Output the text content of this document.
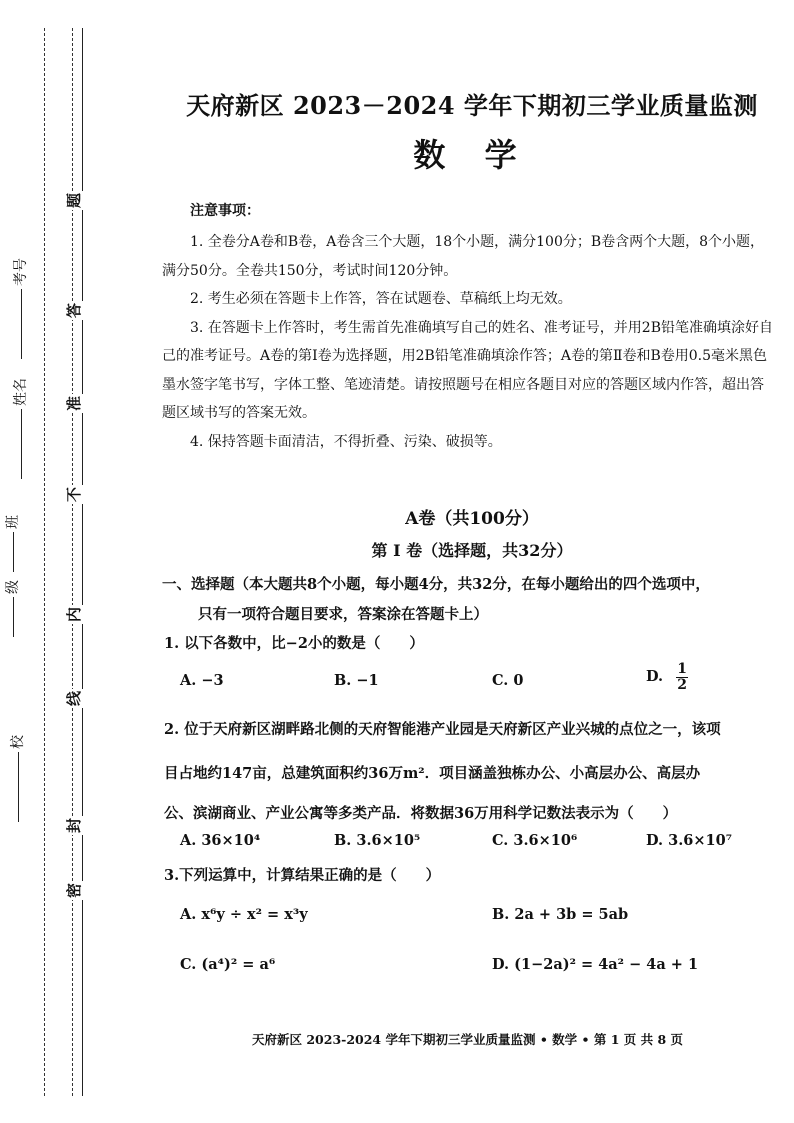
密
封
线
内
不
准
答
题
校
级
班
姓名
考号
天府新区 2023－2024 学年下期初三学业质量监测
数 学
注意事项：

1. 全卷分A卷和B卷，A卷含三个大题，18个小题，满分100分；B卷含两个大题，8个小题，满分50分。全卷共150分，考试时间120分钟。

2. 考生必须在答题卡上作答，答在试题卷、草稿纸上均无效。

3. 在答题卡上作答时，考生需首先准确填写自己的姓名、准考证号，并用2B铅笔准确填涂好自己的准考证号。A卷的第Ⅰ卷为选择题，用2B铅笔准确填涂作答；A卷的第Ⅱ卷和B卷用0.5毫米黑色墨水签字笔书写，字体工整、笔迹清楚。请按照题号在相应各题目对应的答题区域内作答，超出答题区域书写的答案无效。

4. 保持答题卡面清洁，不得折叠、污染、破损等。

A卷（共100分）
第 Ⅰ 卷（选择题，共32分）
一、选择题（本大题共8个小题，每小题4分，共32分，在每小题给出的四个选项中，
只有一项符合题目要求，答案涂在答题卡上）
1. 以下各数中，比−2小的数是（　　）
A. −3	B. −1	C. 0	D. $\frac{1}{2}$
2. 位于天府新区湖畔路北侧的天府智能港产业园是天府新区产业兴城的点位之一，该项
目占地约147亩，总建筑面积约36万m²．项目涵盖独栋办公、小高层办公、高层办
公、滨湖商业、产业公寓等多类产品．将数据36万用科学记数法表示为（　　）
A. 36×10⁴	B. 3.6×10⁵	C. 3.6×10⁶	D. 3.6×10⁷
3.下列运算中，计算结果正确的是（　　）
A. x⁶y ÷ x² = x³y	B. 2a + 3b = 5ab
C. (a⁴)² = a⁶	D. (1−2a)² = 4a² − 4a + 1
天府新区 2023-2024 学年下期初三学业质量监测 • 数学 • 第 1 页 共 8 页
